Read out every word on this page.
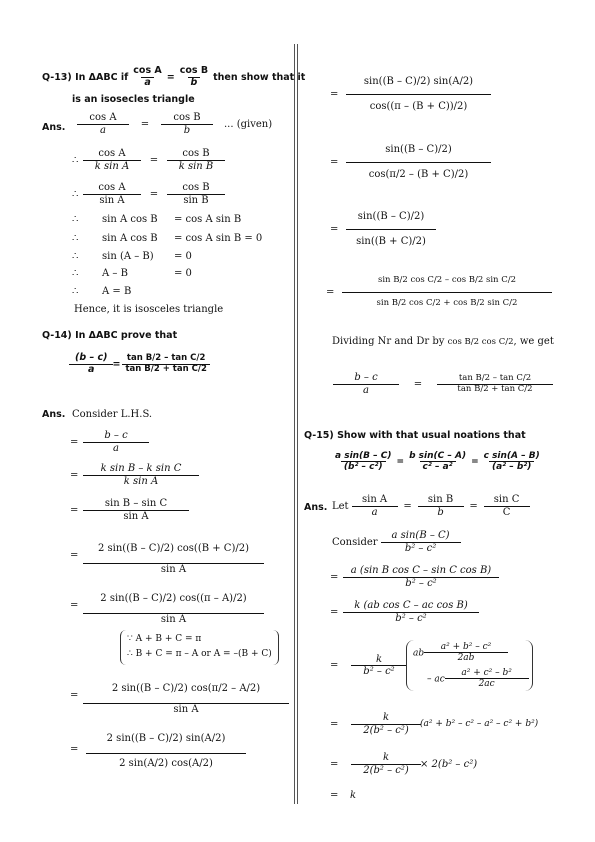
Q-13) In ΔABC if $\frac{\text{cos A}}{a} = \frac{\text{cos B}}{b}$ then show that it
is an isosecles triangle
Ans. $\frac{\text{cos A}}{a}$	=	$\frac{\text{cos B}}{b}$	... (given)
∴ $\frac{\text{cos A}}{\text{k sin A}}$	=	$\frac{\text{cos B}}{\text{k sin B}}$
∴ $\frac{\text{cos A}}{\text{sin A}}$	=	$\frac{\text{cos B}}{\text{sin B}}$
∴ sin A cos B = cos A sin B
∴ sin A cos B = cos A sin B = 0
∴ sin (A – B) = 0
∴ A – B	= 0
∴ A = B
Hence, it is isosceles triangle
Q-14) In ΔABC prove that
$\frac{(b - c)}{a} = \frac{\text{tan B/2 – tan C/2}}{\text{tan B/2 + tan C/2}}$
Ans. Consider L.H.S.
= $\frac{b - c}{a}$
= $\frac{\text{k sin B – k sin C}}{\text{k sin A}}$
= $\frac{\text{sin B – sin C}}{\text{sin A}}$
= $\frac{2 \sin((B - C)/2) \cos((B + C)/2)}{\text{sin A}}$
= $\frac{2 \sin((B - C)/2) \cos((\pi - A)/2)}{\text{sin A}}$
∵ A + B + C = π
∴ B + C = π – A or A = –(B + C)
= $\frac{2 \sin((B - C)/2) \cos(\pi/2 - A/2)}{\text{sin A}}$
= $\frac{2 \sin((B - C)/2) \sin(A/2)}{2 \sin(A/2) \cos(A/2)}$
= $\frac{\sin((B - C)/2) \sin(A/2)}{\cos((\pi - (B + C))/2)}$
= $\frac{\sin((B - C)/2)}{\cos(\pi/2 - (B + C)/2)}$
= $\frac{\sin((B - C)/2)}{\sin((B + C)/2)}$
= $\frac{\text{sin B/2 cos C/2 – cos B/2 sin C/2}}{\text{sin B/2 cos C/2 + cos B/2 sin C/2}}$
Dividing Nr and Dr by cos B/2 cos C/2, we get
$\frac{b - c}{a}$	=	$\frac{\text{tan B/2 – tan C/2}}{\text{tan B/2 + tan C/2}}$
Q-15) Show with that usual noations that
$\frac{\text{a sin(B – C)}}{\text{(b² – c²)}} = \frac{\text{b sin(C – A)}}{\text{c² – a²}} = \frac{\text{c sin(A – B)}}{\text{(a² – b²)}}$
Ans. Let $\frac{\text{sin A}}{a} = \frac{\text{sin B}}{b} = \frac{\text{sin C}}{C}$
Consider $\frac{\text{a sin(B – C)}}{\text{b² – c²}}$
= $\frac{\text{a (sin B cos C – sin C cos B)}}{\text{b² – c²}}$
= $\frac{\text{k (ab cos C – ac cos B)}}{\text{b² – c²}}$
=	$\frac{k}{\text{b² – c²}}$
ab $\frac{\text{a² + b² – c²}}{2ab}$
– ac $\frac{\text{a² + c² – b²}}{2ac}$
=	$\frac{k}{\text{2(b² – c²)}} (a^2 + b^2 - c^2 - a^2 - c^2 + b^2)$
=	$\frac{k}{\text{2(b² – c²)}} \times 2(b^2 - c^2)$
= k
